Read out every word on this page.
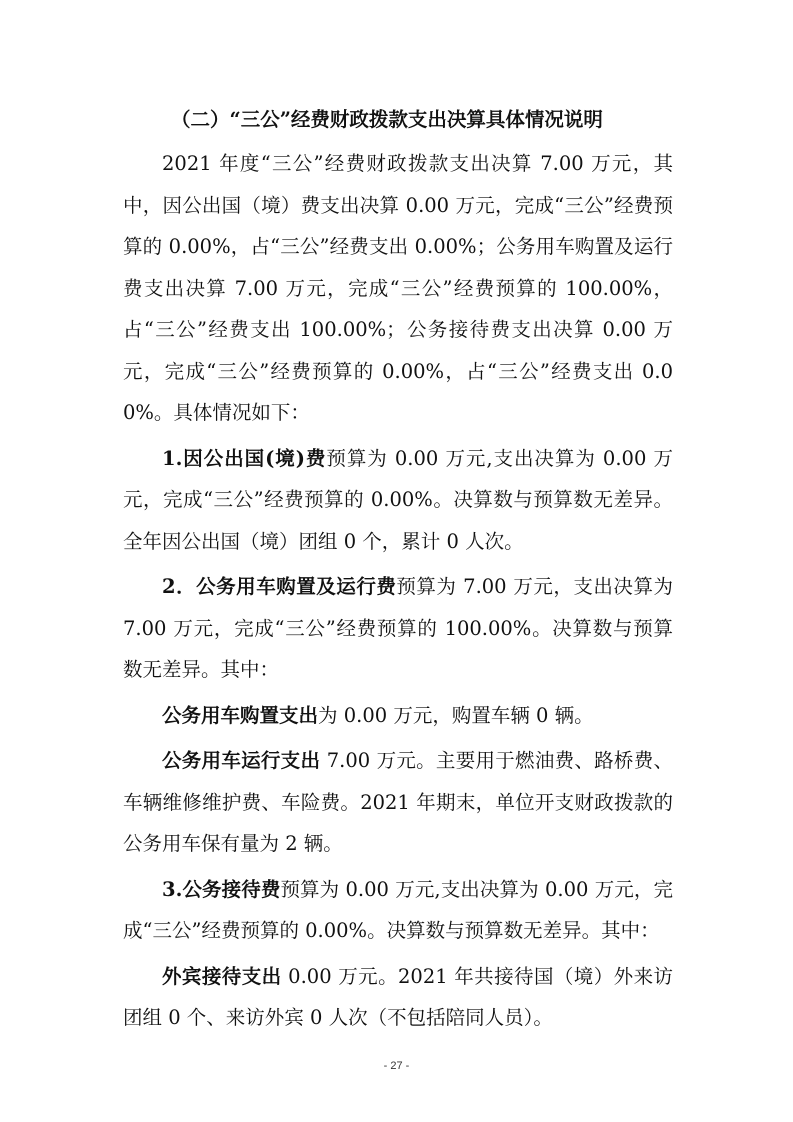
（二）“三公”经费财政拨款支出决算具体情况说明

2021 年度“三公”经费财政拨款支出决算 7.00 万元，其中，因公出国（境）费支出决算 0.00 万元，完成“三公”经费预算的 0.00%，占“三公”经费支出 0.00%；公务用车购置及运行费支出决算 7.00 万元，完成“三公”经费预算的 100.00%，占“三公”经费支出 100.00%；公务接待费支出决算 0.00 万元，完成“三公”经费预算的 0.00%，占“三公”经费支出 0.00%。具体情况如下：

1.因公出国(境)费预算为 0.00 万元,支出决算为 0.00 万元，完成“三公”经费预算的 0.00%。决算数与预算数无差异。全年因公出国（境）团组 0 个，累计 0 人次。

2．公务用车购置及运行费预算为 7.00 万元，支出决算为 7.00 万元，完成“三公”经费预算的 100.00%。决算数与预算数无差异。其中：

公务用车购置支出为 0.00 万元，购置车辆 0 辆。

公务用车运行支出 7.00 万元。主要用于燃油费、路桥费、车辆维修维护费、车险费。2021 年期末，单位开支财政拨款的公务用车保有量为 2 辆。

3.公务接待费预算为 0.00 万元,支出决算为 0.00 万元，完成“三公”经费预算的 0.00%。决算数与预算数无差异。其中：

外宾接待支出 0.00 万元。2021 年共接待国（境）外来访团组 0 个、来访外宾 0 人次（不包括陪同人员）。

- 27 -
